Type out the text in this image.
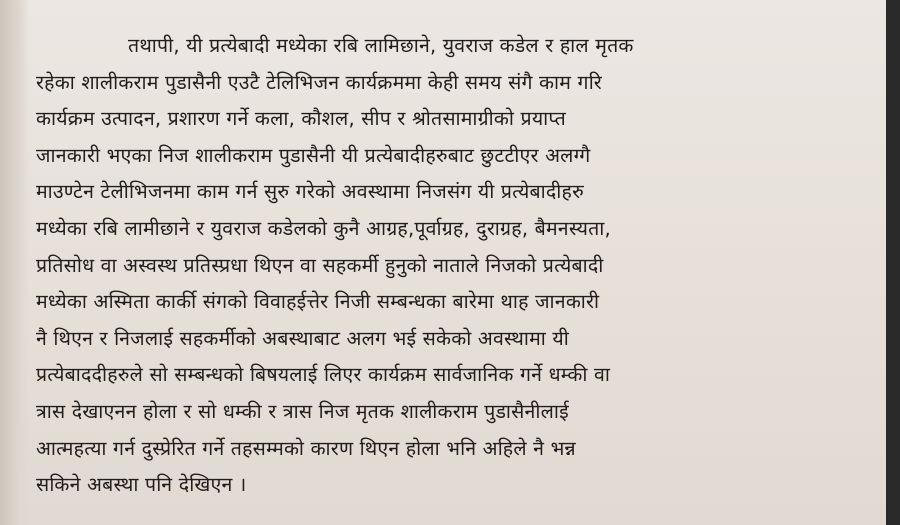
तथापी, यी प्रत्येबादी मध्येका रबि लामिछाने, युवराज कडेल र हाल मृतक
रहेका शालीकराम पुडासैनी एउटै टेलिभिजन कार्यक्रममा केही समय संगै काम गरि
कार्यक्रम उत्पादन, प्रशारण गर्ने कला, कौशल, सीप र श्रोतसामाग्रीको प्रयाप्त
जानकारी भएका निज शालीकराम पुडासैनी यी प्रत्येबादीहरुबाट छुटटीएर अलग्गै
माउण्टेन टेलीभिजनमा काम गर्न सुरु गरेको अवस्थामा निजसंग यी प्रत्येबादीहरु
मध्येका रबि लामीछाने र युवराज कडेलको कुनै आग्रह,पूर्वाग्रह, दुराग्रह, बैमनस्यता,
प्रतिसोध वा अस्वस्थ प्रतिस्प्रधा थिएन वा सहकर्मी हुनुको नाताले निजको प्रत्येबादी
मध्येका अस्मिता कार्की संगको विवाहईत्तेर निजी सम्बन्धका बारेमा थाह जानकारी
नै थिएन र निजलाई सहकर्मीको अबस्थाबाट अलग भई सकेको अवस्थामा यी
प्रत्येबाददीहरुले सो सम्बन्धको बिषयलाई लिएर कार्यक्रम सार्वजानिक गर्ने धम्की वा
त्रास देखाएनन होला र सो धम्की र त्रास निज मृतक शालीकराम पुडासैनीलाई
आत्महत्या गर्न दुस्प्रेरित गर्ने तहसम्मको कारण थिएन होला भनि अहिले नै भन्न
सकिने अबस्था पनि देखिएन ।
